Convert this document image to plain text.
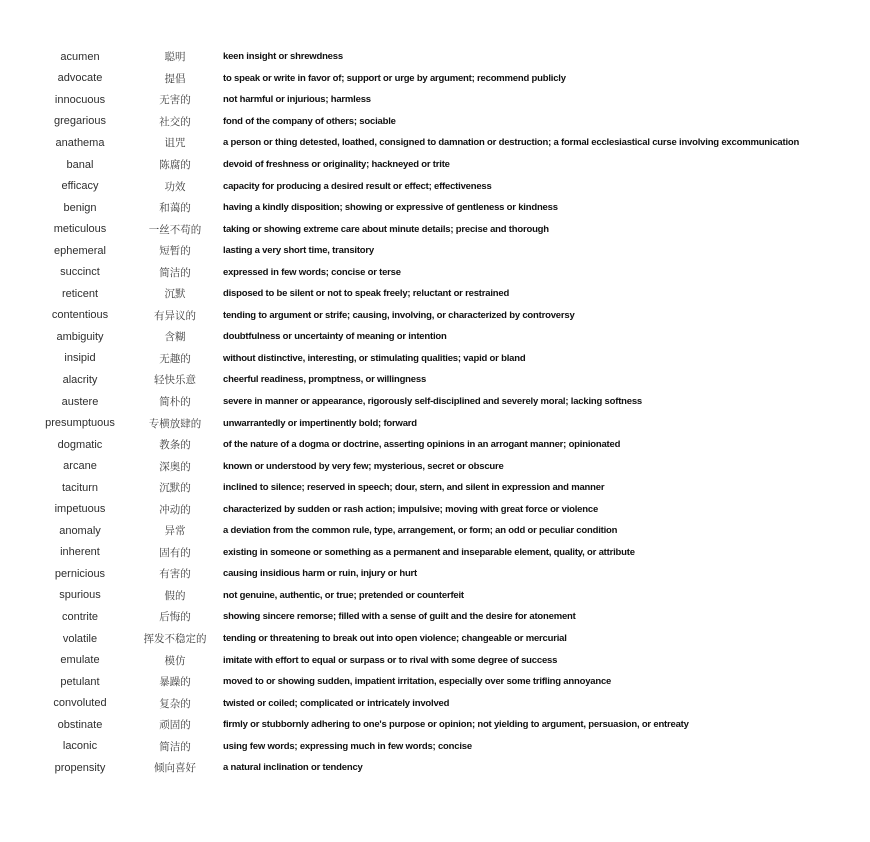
acumen	聪明	keen insight or shrewdness
advocate	提倡	to speak or write in favor of; support or urge by argument; recommend publicly
innocuous	无害的	not harmful or injurious; harmless
gregarious	社交的	fond of the company of others; sociable
anathema	诅咒	a person or thing detested, loathed, consigned to damnation or destruction; a formal ecclesiastical curse involving excommunication
banal	陈腐的	devoid of freshness or originality; hackneyed or trite
efficacy	功效	capacity for producing a desired result or effect; effectiveness
benign	和蔼的	having a kindly disposition; showing or expressive of gentleness or kindness
meticulous	一丝不苟的	taking or showing extreme care about minute details; precise and thorough
ephemeral	短暂的	lasting a very short time, transitory
succinct	简洁的	expressed in few words; concise or terse
reticent	沉默	disposed to be silent or not to speak freely; reluctant or restrained
contentious	有异议的	tending to argument or strife; causing, involving, or characterized by controversy
ambiguity	含糊	doubtfulness or uncertainty of meaning or intention
insipid	无趣的	without distinctive, interesting, or stimulating qualities; vapid or bland
alacrity	轻快乐意	cheerful readiness, promptness, or willingness
austere	简朴的	severe in manner or appearance, rigorously self-disciplined and severely moral; lacking softness
presumptuous	专横放肆的	unwarrantedly or impertinently bold; forward
dogmatic	教条的	of the nature of a dogma or doctrine, asserting opinions in an arrogant manner; opinionated
arcane	深奥的	known or understood by very few; mysterious, secret or obscure
taciturn	沉默的	inclined to silence; reserved in speech; dour, stern, and silent in expression and manner
impetuous	冲动的	characterized by sudden or rash action; impulsive; moving with great force or violence
anomaly	异常	a deviation from the common rule, type, arrangement, or form; an odd or peculiar condition
inherent	固有的	existing in someone or something as a permanent and inseparable element, quality, or attribute
pernicious	有害的	causing insidious harm or ruin, injury or hurt
spurious	假的	not genuine, authentic, or true; pretended or counterfeit
contrite	后悔的	showing sincere remorse; filled with a sense of guilt and the desire for atonement
volatile	挥发不稳定的	tending or threatening to break out into open violence; changeable or mercurial
emulate	模仿	imitate with effort to equal or surpass or to rival with some degree of success
petulant	暴躁的	moved to or showing sudden, impatient irritation, especially over some trifling annoyance
convoluted	复杂的	twisted or coiled; complicated or intricately involved
obstinate	顽固的	firmly or stubbornly adhering to one's purpose or opinion; not yielding to argument, persuasion, or entreaty
laconic	简洁的	using few words; expressing much in few words; concise
propensity	倾向喜好	a natural inclination or tendency
